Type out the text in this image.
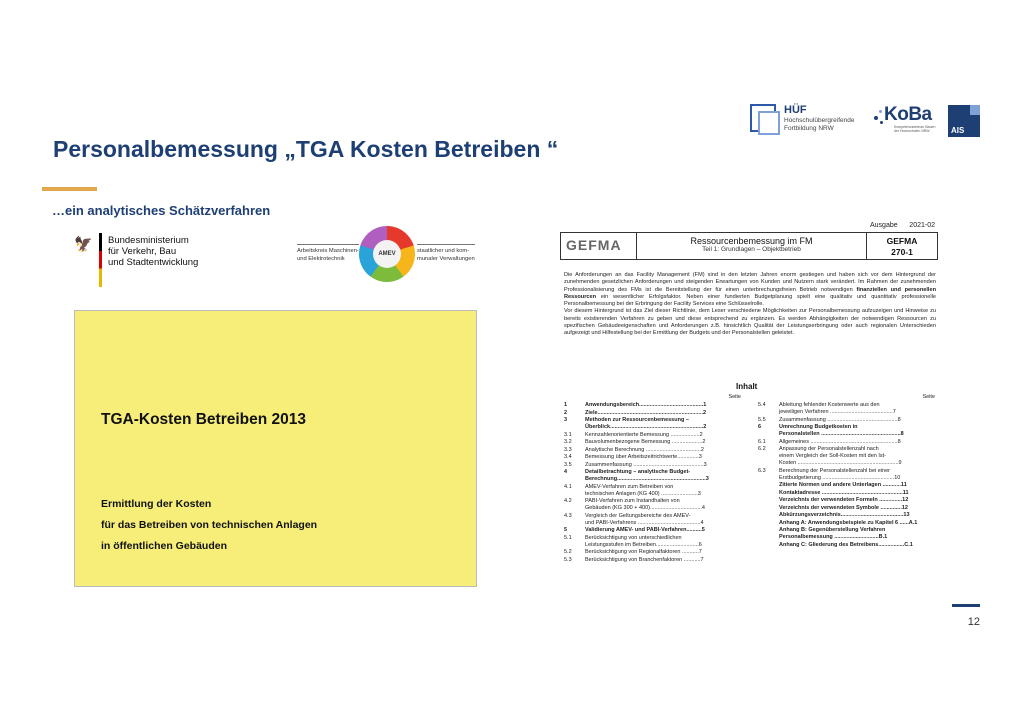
Personalbemessung „TGA Kosten Betreiben “
…ein analytisches Schätzverfahren
HÜF
Hochschulübergreifende
Fortbildung NRW
KoBa
Kompetenzzentrum Bauen
der Hochschulen NRW	AIS
🦅 Bundesministerium
für Verkehr, Bau
und Stadtentwicklung
Arbeitskreis Maschinen-
und Elektrotechnik
AMEV	staatlicher und kom-
munaler Verwaltungen
TGA-Kosten Betreiben 2013
Ermittlung der Kosten
für das Betreiben von technischen Anlagen
in öffentlichen Gebäuden
Ausgabe      2021-02
GEFMA	Ressourcenbemessung im FM
Teil 1: Grundlagen – Objektbetrieb
GEFMA
270-1
Die Anforderungen an das Facility Management (FM) sind in den letzten Jahren enorm gestiegen und haben sich vor dem Hintergrund der zunehmenden gesetzlichen Anforderungen und steigenden Erwartungen von Kunden und Nutzern stark verändert. Im Rahmen der zunehmenden Professionalisierung des FMs ist die Bereitstellung der für einen unterbrechungsfreien Betrieb notwendigen finanziellen und personellen Ressourcen ein wesentlicher Erfolgsfaktor. Neben einer fundierten Budgetplanung spielt eine qualitativ und quantitativ professionelle Personalbemessung bei der Erbringung der Facility Services eine Schlüsselrolle.
Vor diesem Hintergrund ist das Ziel dieser Richtlinie, dem Leser verschiedene Möglichkeiten zur Personalbemessung aufzuzeigen und Hinweise zu bereits existierenden Verfahren zu geben und diese entsprechend zu ergänzen. Es werden Abhängigkeiten der notwendigen Ressourcen zu spezifischen Gebäudeeigenschaften und Anforderungen z.B. hinsichtlich Qualität der Leistungserbringung oder auch regionalen Unterschieden aufgezeigt und Hilfestellung bei der Ermittlung der Budgets und der Personalstellen geleistet.
Inhalt
Seite
1	Anwendungsbereich..........................................1
2	Ziele.....................................................................2
3	Methoden zur Ressourcenbemessung –
Überblick.............................................................2
3.1	Kennzahlenorientierte Bemessung ...................2
3.2	Bauvolumenbezogene Bemessung ....................2
3.3	Analytische Berechnung ....................................2
3.4	Bemessung über Arbeitszeitrichtwerte..............3
3.5	Zusammenfassung ..............................................3
4	Detailbetrachtung – analytische Budget-
Berechnung..........................................................3
4.1	AMEV-Verfahren zum Betreiben von
technischen Anlagen (KG 400) ........................3
4.2	PABI-Verfahren zum Instandhalten von
Gebäuden (KG 300 + 400)..................................4
4.3	Vergleich der Geltungsbereiche des AMEV-
und PABI-Verfahrens .........................................4
5	Validierung AMEV- und PABI-Verfahren..........5
5.1	Berücksichtigung von unterschiedlichen
Leistungsstufen im Betreiben............................6
5.2	Berücksichtigung von Regionalfaktoren ...........7
5.3	Berücksichtigung von Branchenfaktoren ...........7
Seite
5.4	Ableitung fehlender Kostenwerte aus den
jeweiligen Verfahren .........................................7
5.5	Zusammenfassung ..............................................8
6	Umrechnung Budgetkosten in
Personalstellen ....................................................8
6.1	Allgemeines .........................................................8
6.2	Anpassung der Personalstellenzahl nach
einem Vergleich der Soll-Kosten mit den Ist-
Kosten ..................................................................9
6.3	Berechnung der Personalstellenzahl bei einer
Erstbudgetierung ...............................................10
Zitierte Normen und andere Unterlagen ............11
Kontaktadresse .....................................................11
Verzeichnis der verwendeten Formeln ...............12
Verzeichnis der verwendeten Symbole ..............12
Abkürzungsverzeichnis.........................................13
Anhang A: Anwendungsbeispiele zu Kapitel 6 ......A.1
Anhang B: Gegenüberstellung Verfahren
Personalbemessung .............................B.1
Anhang C: Gliederung des Betreibens.................C.1
12
